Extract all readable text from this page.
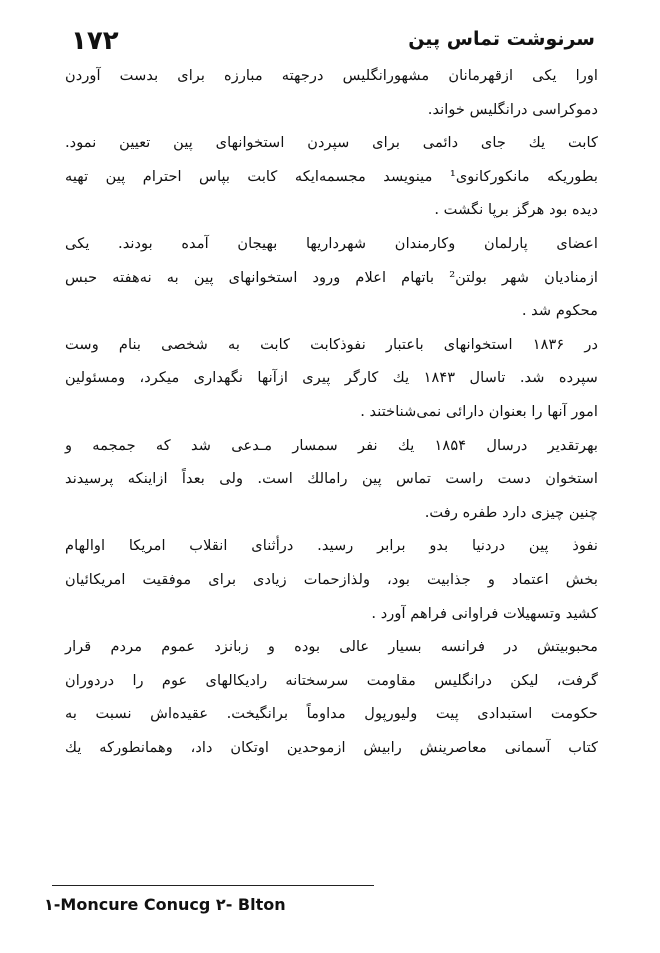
۱۷۲	سرنوشت تماس پین
اورا یکی ازقهرمانان مشهورانگلیس درجهته مبارزه برای بدست آوردن
دموکراسی درانگلیس خواند.
کابت یك جای دائمی برای سپردن استخوانهای پین تعیین نمود.
بطوریکه مانکورکانوی¹ مینویسد مجسمه‌ایکه کابت بپاس احترام پین تهیه
دیده بود هرگز برپا نگشت .
اعضای پارلمان وکارمندان شهرداریها بهیجان آمده بودند. یکی
ازمنادیان شهر بولتن² باتهام اعلام ورود استخوانهای پین به نه‌هفته حبس
محکوم شد .
در ۱۸۳۶ استخوانهای باعتبار نفوذکابت کابت به شخصی بنام وست
سپرده شد. تاسال ۱۸۴۳ یك کارگر پیری ازآنها نگهداری میکرد، ومسئولین
امور آنها را بعنوان دارائی نمی‌شناختند .
بهرتقدیر درسال ۱۸۵۴ یك نفر سمسار مـدعی شد که جمجمه و
استخوان دست راست تماس پین رامالك است. ولی بعداً ازاینکه پرسیدند
چنین چیزی دارد طفره رفت.
نفوذ پین دردنیا بدو برابر رسید. درأثنای انقلاب امریکا اوالهام
بخش اعتماد و جذابیت بود، ولذازحمات زیادی برای موفقیت امریکائیان
کشید وتسهیلات فراوانی فراهم آورد .
محبوبیتش در فرانسه بسیار عالی بوده و زبانزد عموم مردم قرار
گرفت، لیکن درانگلیس مقاومت سرسختانه رادیکالهای عوم را دردوران
حکومت استبدادی پیت ولیورپول مداوماً برانگیخت. عقیده‌اش نسبت به
کتاب آسمانی معاصرینش رابیش ازموحدین اوتکان داد، وهمانطورکه یك
۱-Moncure Conucg ۲- Blton
